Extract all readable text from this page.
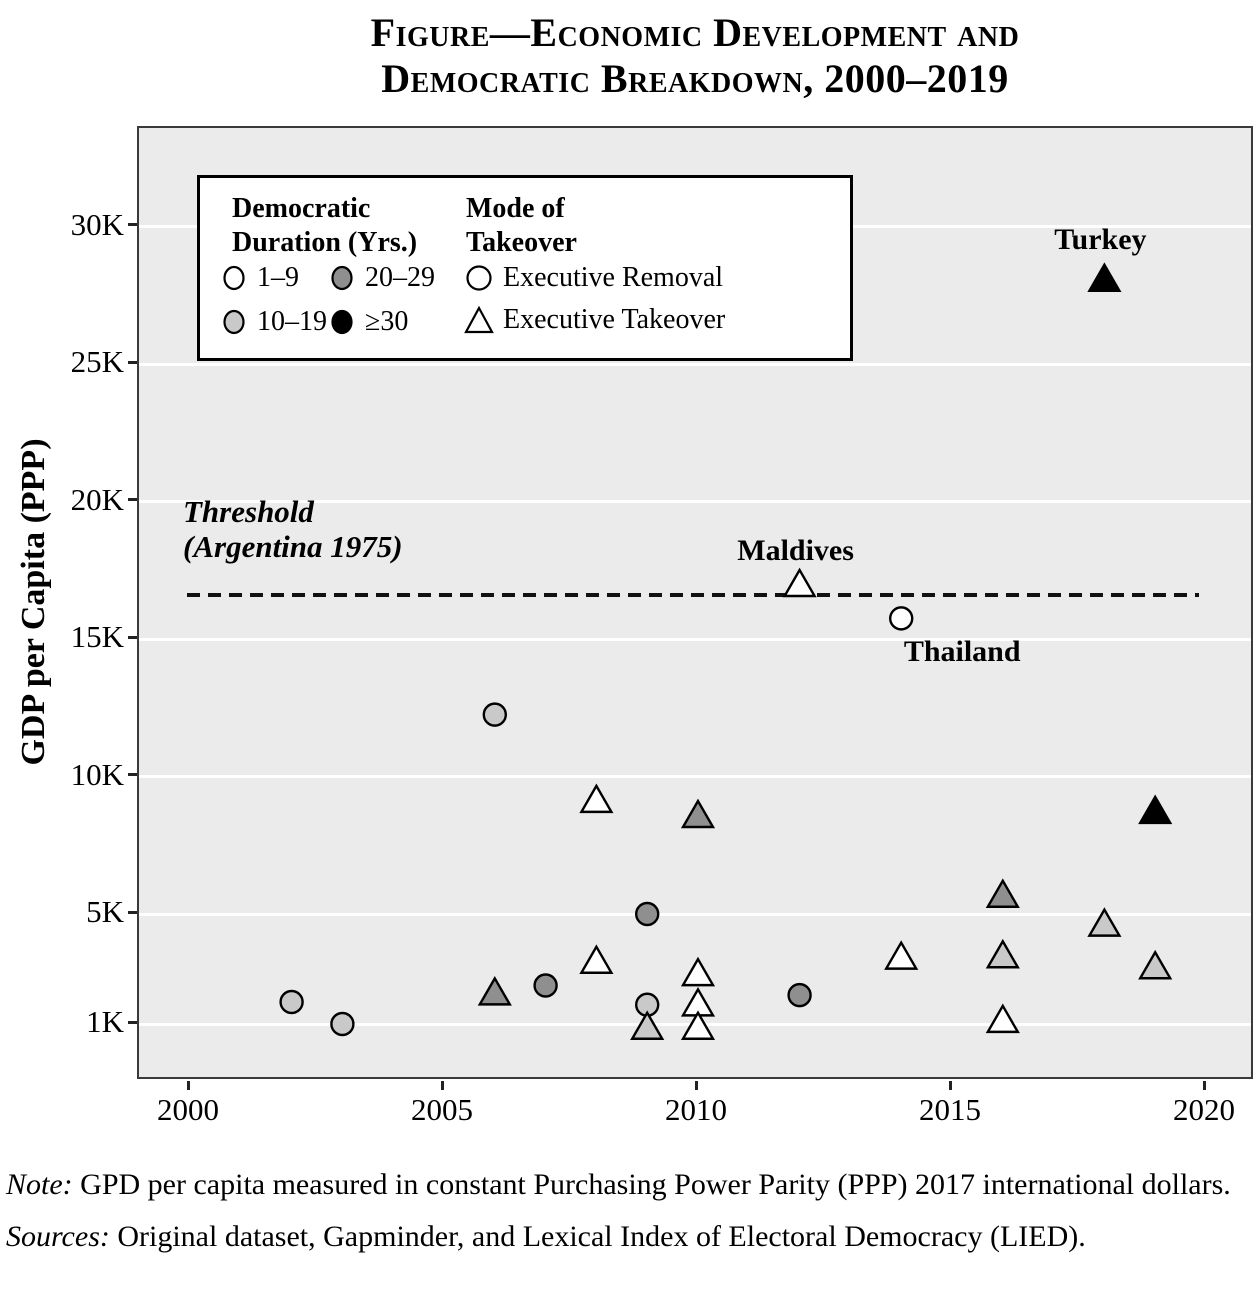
Figure—Economic Development and
Democratic Breakdown, 2000–2019
GDP per Capita (PPP)
1K
5K
10K
15K
20K
25K
30K
2000	2005	2010	2015	2020
Democratic
Duration (Yrs.)
Mode of
Takeover
1–9
10–19
20–29
≥30
Executive Removal
Executive Takeover
Threshold
(Argentina 1975)	Maldives
Thailand
Turkey

Note: GPD per capita measured in constant Purchasing Power Parity (PPP) 2017 international dollars.

Sources: Original dataset, Gapminder, and Lexical Index of Electoral Democracy (LIED).
